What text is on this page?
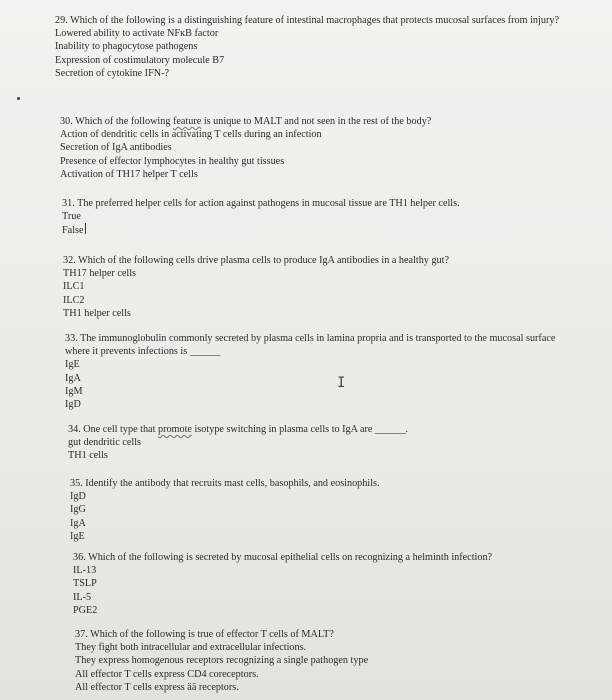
29. Which of the following is a distinguishing feature of intestinal macrophages that protects mucosal surfaces from injury?
Lowered ability to activate NFĸB factor
Inability to phagocytose pathogens
Expression of costimulatory molecule B7
Secretion of cytokine IFN-?
30. Which of the following feature is unique to MALT and not seen in the rest of the body?
Action of dendritic cells in activating T cells during an infection
Secretion of IgA antibodies
Presence of effector lymphocytes in healthy gut tissues
Activation of TH17 helper T cells
31. The preferred helper cells for action against pathogens in mucosal tissue are TH1 helper cells.
True
False
32. Which of the following cells drive plasma cells to produce IgA antibodies in a healthy gut?
TH17 helper cells
ILC1
ILC2
TH1 helper cells
33. The immunoglobulin commonly secreted by plasma cells in lamina propria and is transported to the mucosal surface where it prevents infections is ______
IgE
IgA
IgM
IgD
I
34. One cell type that promote isotype switching in plasma cells to IgA are ______.
gut dendritic cells
TH1 cells
35. Identify the antibody that recruits mast cells, basophils, and eosinophils.
IgD
IgG
IgA
IgE
36. Which of the following is secreted by mucosal epithelial cells on recognizing a helminth infection?
IL-13
TSLP
IL-5
PGE2
37. Which of the following is true of effector T cells of MALT?
They fight both intracellular and extracellular infections.
They express homogenous receptors recognizing a single pathogen type
All effector T cells express CD4 coreceptors.
All effector T cells express ää receptors.
